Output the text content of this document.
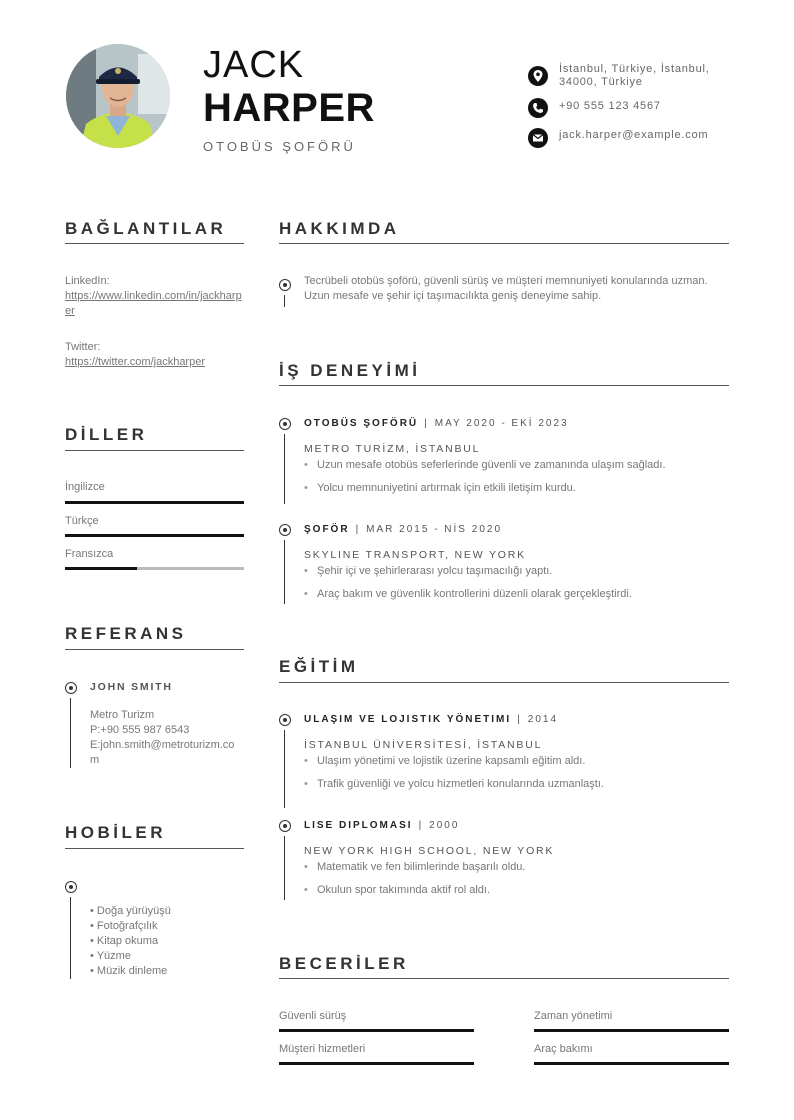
JACK
HARPER
OTOBÜS ŞOFÖRÜ
İstanbul, Türkiye, İstanbul, 34000, Türkiye
+90 555 123 4567
jack.harper@example.com
BAĞLANTILAR
LinkedIn:
https://www.linkedin.com/in/jackharper
Twitter:
https://twitter.com/jackharper
DİLLER
İngilizce
Türkçe
Fransızca
REFERANS
JOHN SMITH
Metro Turizm
P:+90 555 987 6543
E:john.smith@metroturizm.com
HOBİLER
• Doğa yürüyüşü
• Fotoğrafçılık
• Kitap okuma
• Yüzme
• Müzik dinleme
HAKKIMDA
Tecrübeli otobüs şoförü, güvenli sürüş ve müşteri memnuniyeti konularında uzman. Uzun mesafe ve şehir içi taşımacılıkta geniş deneyime sahip.
İŞ DENEYİMİ
OTOBÜS ŞOFÖRÜ | MAY 2020 - EKİ 2023
METRO TURİZM, İSTANBUL
• Uzun mesafe otobüs seferlerinde güvenli ve zamanında ulaşım sağladı.
• Yolcu memnuniyetini artırmak için etkili iletişim kurdu.
ŞOFÖR | MAR 2015 - NİS 2020
SKYLINE TRANSPORT, NEW YORK
• Şehir içi ve şehirlerarası yolcu taşımacılığı yaptı.
• Araç bakım ve güvenlik kontrollerini düzenli olarak gerçekleştirdi.
EĞİTİM
ULAŞIM VE LOJISTIK YÖNETIMI | 2014
İSTANBUL ÜNİVERSİTESİ, İSTANBUL
• Ulaşım yönetimi ve lojistik üzerine kapsamlı eğitim aldı.
• Trafik güvenliği ve yolcu hizmetleri konularında uzmanlaştı.
LISE DIPLOMASI | 2000
NEW YORK HIGH SCHOOL, NEW YORK
• Matematik ve fen bilimlerinde başarılı oldu.
• Okulun spor takımında aktif rol aldı.
BECERİLER
Güvenli sürüş	Zaman yönetimi
Müşteri hizmetleri	Araç bakımı
